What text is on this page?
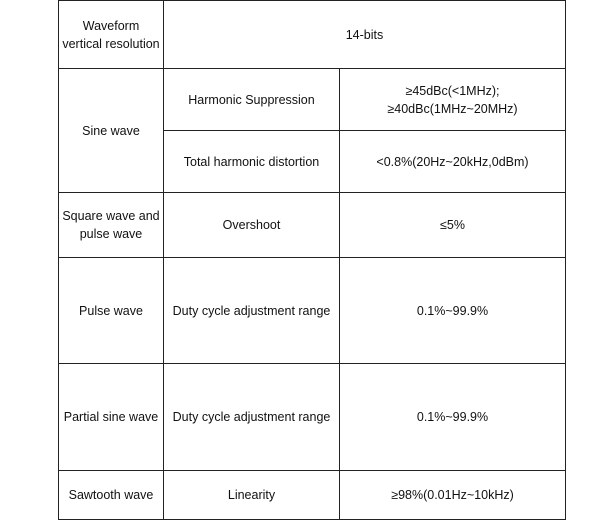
Waveform vertical resolution	14-bits	
Sine wave	Harmonic Suppression	≥45dBc(<1MHz);
≥40dBc(1MHz~20MHz)

	Total harmonic distortion	<0.8%(20Hz~20kHz,0dBm)
Square wave and pulse wave	Overshoot	≤5%
Pulse wave	Duty cycle adjustment range	0.1%~99.9%
Partial sine wave	Duty cycle adjustment range	0.1%~99.9%
Sawtooth wave	Linearity	≥98%(0.01Hz~10kHz)
